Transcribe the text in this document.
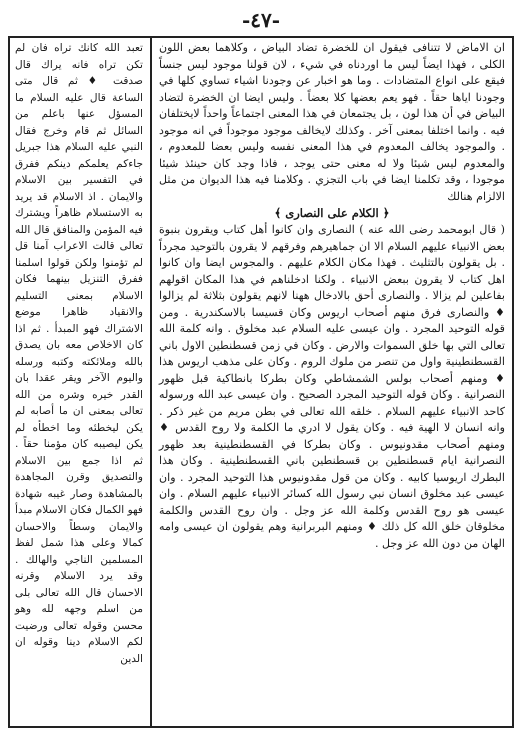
-٤٧-

ان الاماض لا تتنافى فيقول ان للخضرة تضاد البياض ، وكلاهما بعض اللون الكلى ، فهذا ايضاً ليس ما اوردناه في شيء ، لان قولنا موجود ليس جنساً فيقع على انواع المتضادات . وما هو اخبار عن وجودنا اشياء تساوي كلها في وجودنا اياها حقاً . فهو يعم بعضها كلا بعضاً . وليس ايضا ان الخضرة لتضاد البياض في أن هذا لون ، بل يجتمعان في هذا المعنى اجتماعاً واحداً لايختلفان فيه . وانما اختلفا بمعنى آخر . وكذلك لايخالف موجود موجوداً في انه موجود . والموجود يخالف المعدوم في هذا المعنى نفسه وليس بعضا للمعدوم ، والمعدوم ليس شيئا ولا له معنى حتى يوجد ، فاذا وجد كان حينئذ شيئا موجودا ، وقد تكلمنا ايضا في باب التجزي . وكلامنا فيه هذا الديوان من مثل الالزام هنالك

﴿ الكلام على النصارى ﴾

( قال ابومحمد رضى الله عنه ) النصارى وان كانوا أهل كتاب ويقرون بنبوة بعض الانبياء عليهم السلام الا ان جماهيرهم وفرقهم لا يقرون بالتوحيد مجرداً . بل يقولون بالتثليث . فهذا مكان الكلام عليهم . والمجوس ايضا وان كانوا اهل كتاب لا يقرون ببعض الانبياء . ولكنا ادخلناهم في هذا المكان اقولهم بفاعلين لم يزالا . والنصارى أحق بالادخال ههنا لانهم يقولون بثلاثة لم يزالوا ♦ والنصارى فرق منهم أصحاب اريوس وكان قسيسا بالاسكندرية . ومن قوله التوحيد المجرد . وان عيسى عليه السلام عبد مخلوق . وانه كلمة الله تعالى التي بها خلق السموات والارض . وكان في زمن قسطنطين الاول باني القسطنطينية واول من تنصر من ملوك الروم . وكان على مذهب اريوس هذا ♦ ومنهم أصحاب بولس الشمشاطي وكان بطركا بانطاكية قبل ظهور النصرانية . وكان قوله التوحيد المجرد الصحيح . وان عيسى عبد الله ورسوله كاحد الانبياء عليهم السلام . خلقه الله تعالى في بطن مريم من غير ذكر . وانه انسان لا الهية فيه . وكان يقول لا ادري ما الكلمة ولا روح القدس ♦ ومنهم أصحاب مقدونيوس . وكان بطركا في القسطنطينية بعد ظهور النصرانية ايام قسطنطين بن قسطنطين باني القسطنطينية . وكان هذا البطرك اريوسيا كابيه . وكان من قول مقدونيوس هذا التوحيد المجرد . وان عيسى عبد مخلوق انسان نبي رسول الله كسائر الانبياء عليهم السلام . وان عيسى هو روح القدس وكلمة الله عز وجل . وان روح القدس والكلمة مخلوقان خلق الله كل ذلك ♦ ومنهم البربرانية وهم يقولون ان عيسى وامه الهان من دون الله عز وجل .

تعبد الله كانك تراه فان لم تكن تراه فانه يراك قال صدقت ♦ ثم قال متى الساعة قال عليه السلام ما المسؤل عنها باعلم من السائل ثم قام وخرج فقال النبي عليه السلام هذا جبريل جاءكم يعلمكم دينكم ففرق في التفسير بين الاسلام والايمان . اذ الاسلام قد يريد به الاستسلام ظاهراً ويشترك فيه المؤمن والمنافق قال الله تعالى قالت الاعراب آمنا قل لم تؤمنوا ولكن قولوا اسلمنا ففرق التنزيل بينهما فكان الاسلام بمعنى التسليم والانقياد ظاهرا موضع الاشتراك فهو المبدأ . ثم اذا كان الاخلاص معه بان يصدق بالله وملائكته وكتبه ورسله واليوم الآخر ويقر عقدا بان القدر خيره وشره من الله تعالى بمعنى ان ما أصابه لم يكن ليخطئه وما اخطأه لم يكن ليصيبه كان مؤمنا حقاً . ثم اذا جمع بين الاسلام والتصديق وقرن المجاهدة بالمشاهدة وصار غيبه شهادة فهو الكمال فكان الاسلام مبدأ والايمان وسطاً والاحسان كمالا وعلى هذا شمل لفظ المسلمين الناجي والهالك . وقد يرد الاسلام وقرنه الاحسان قال الله تعالى بلى من اسلم وجهه لله وهو محسن وقوله تعالى ورضيت لكم الاسلام دينا وقوله ان الدين
